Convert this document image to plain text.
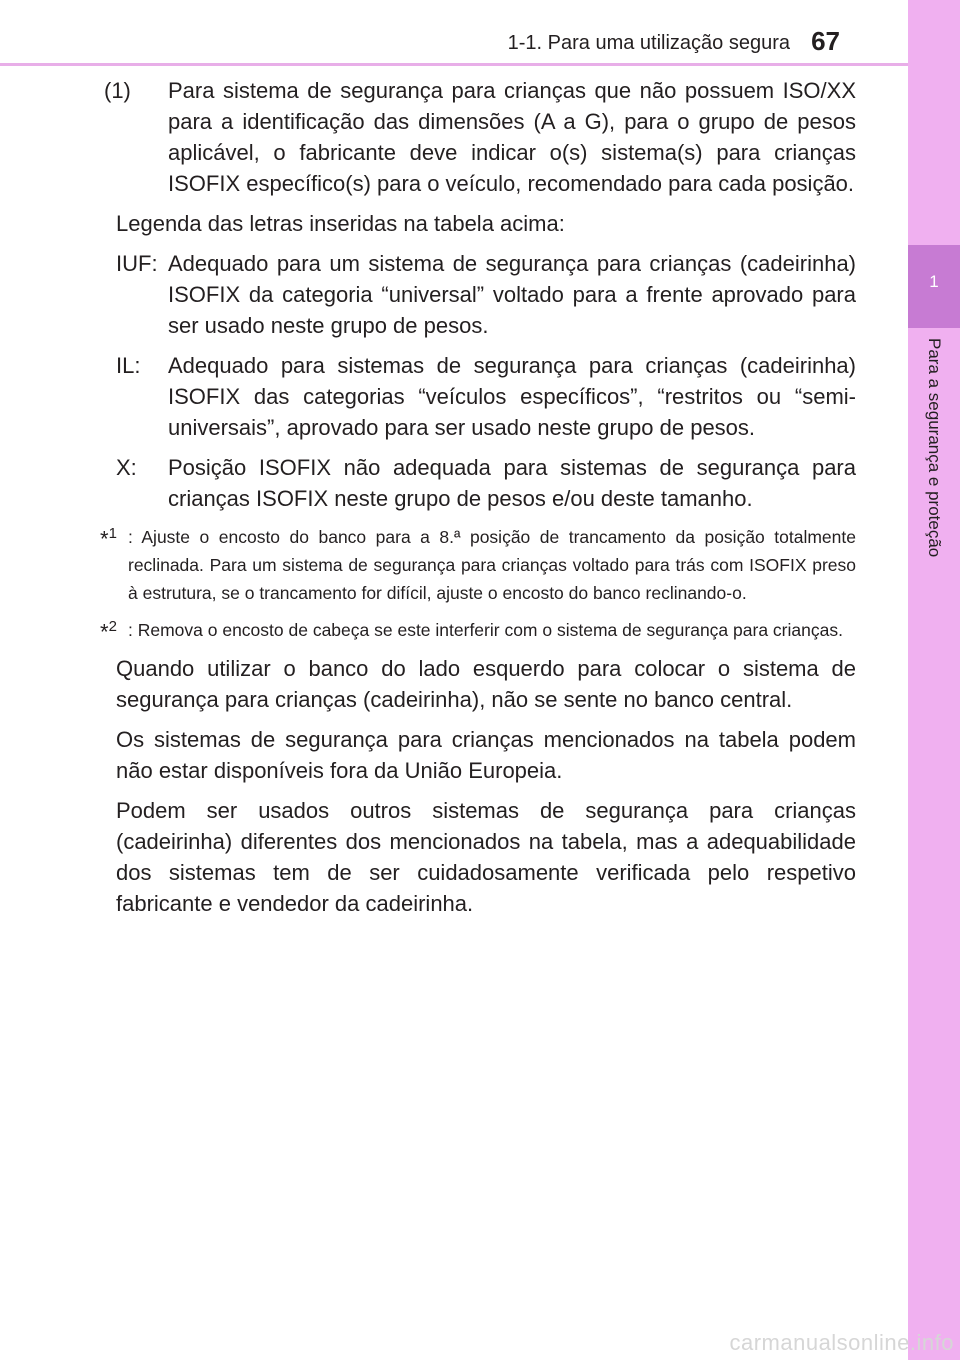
1-1. Para uma utilização segura 67
1
Para a segurança e proteção
(1)	Para sistema de segurança para crianças que não possuem ISO/XX para a identificação das dimensões (A a G), para o grupo de pesos aplicável, o fabricante deve indicar o(s) sistema(s) para crianças ISOFIX específico(s) para o veículo, recomendado para cada posição.

Legenda das letras inseridas na tabela acima:

IUF: Adequado para um sistema de segurança para crianças (cadeirinha) ISOFIX da categoria “universal” voltado para a frente aprovado para ser usado neste grupo de pesos.
IL:	Adequado para sistemas de segurança para crianças (cadeirinha) ISOFIX das categorias “veículos específicos”, “restritos ou “semi-universais”, aprovado para ser usado neste grupo de pesos.
X:	Posição ISOFIX não adequada para sistemas de segurança para crianças ISOFIX neste grupo de pesos e/ou deste tamanho.
*$^1$ : Ajuste o encosto do banco para a 8.ª posição de trancamento da posição totalmente reclinada. Para um sistema de segurança para crianças voltado para trás com ISOFIX preso à estrutura, se o trancamento for difícil, ajuste o encosto do banco reclinando-o.
*$^2$ : Remova o encosto de cabeça se este interferir com o sistema de segurança para crianças.

Quando utilizar o banco do lado esquerdo para colocar o sistema de segurança para crianças (cadeirinha), não se sente no banco central.

Os sistemas de segurança para crianças mencionados na tabela podem não estar disponíveis fora da União Europeia.

Podem ser usados outros sistemas de segurança para crianças (cadeirinha) diferentes dos mencionados na tabela, mas a adequabilidade dos sistemas tem de ser cuidadosamente verificada pelo respetivo fabricante e vendedor da cadeirinha.

carmanualsonline.info
